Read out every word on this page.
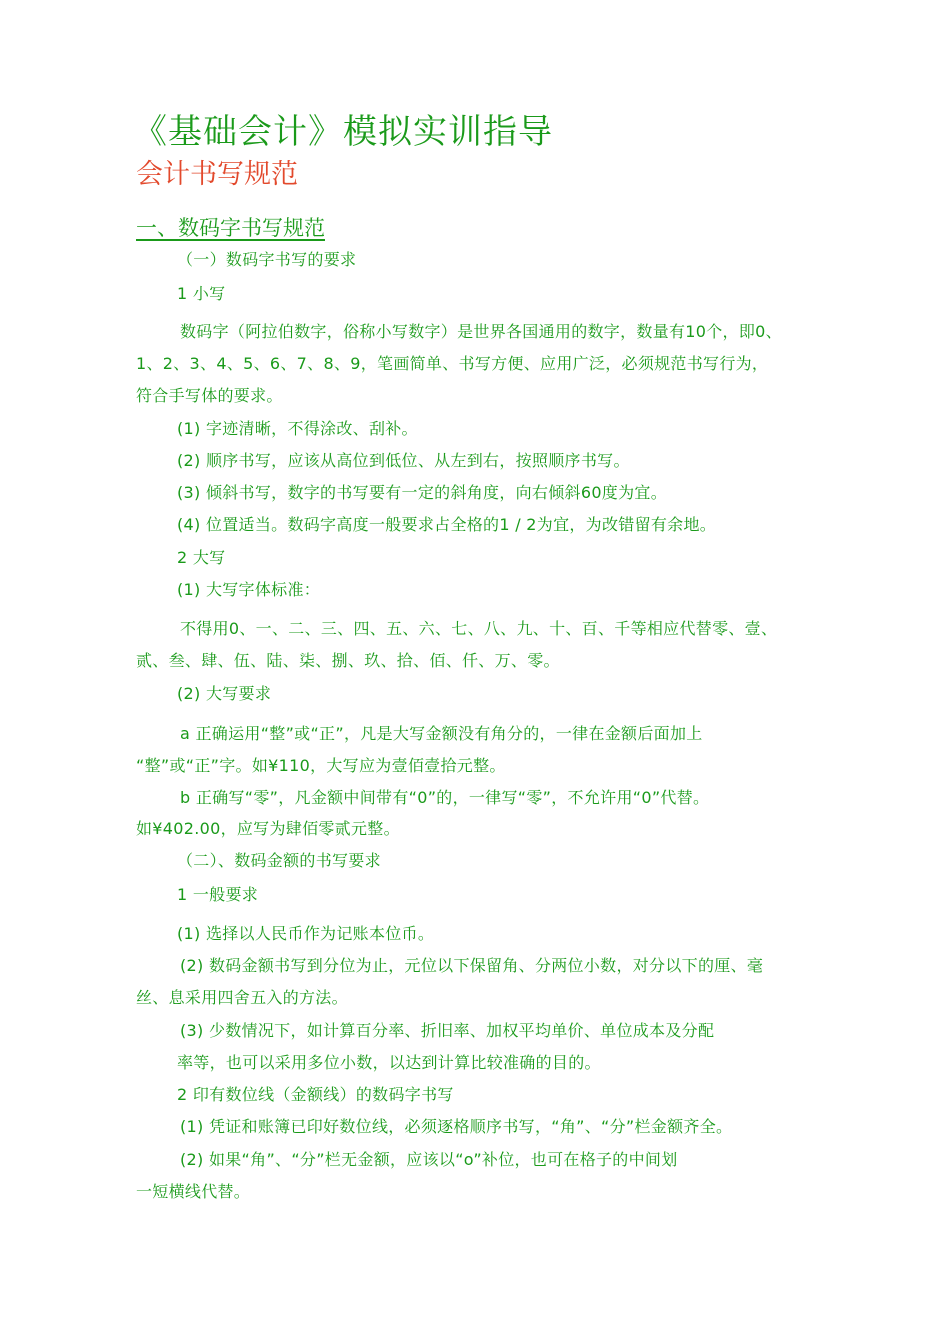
《基础会计》模拟实训指导
会计书写规范
一、数码字书写规范
（一）数码字书写的要求
1 小写
数码字（阿拉伯数字，俗称小写数字）是世界各国通用的数字，数量有10个，即0、
1、2、3、4、5、6、7、8、9，笔画简单、书写方便、应用广泛，必须规范书写行为，
符合手写体的要求。
(1) 字迹清晰，不得涂改、刮补。
(2) 顺序书写，应该从高位到低位、从左到右，按照顺序书写。
(3) 倾斜书写，数字的书写要有一定的斜角度，向右倾斜60度为宜。
(4) 位置适当。数码字高度一般要求占全格的1 / 2为宜，为改错留有余地。
2 大写
(1) 大写字体标准：
不得用0、一、二、三、四、五、六、七、八、九、十、百、千等相应代替零、壹、
贰、叁、肆、伍、陆、柒、捌、玖、拾、佰、仟、万、零。
(2) 大写要求
a 正确运用“整”或“正”，凡是大写金额没有角分的，一律在金额后面加上
“整”或“正”字。如¥110，大写应为壹佰壹拾元整。
b 正确写“零”，凡金额中间带有“0”的，一律写“零”，不允许用“0”代替。
如¥402.00，应写为肆佰零贰元整。
（二）、数码金额的书写要求
1 一般要求
(1) 选择以人民币作为记账本位币。
(2) 数码金额书写到分位为止，元位以下保留角、分两位小数，对分以下的厘、毫
丝、息采用四舍五入的方法。
(3) 少数情况下，如计算百分率、折旧率、加权平均单价、单位成本及分配
率等，也可以采用多位小数，以达到计算比较准确的目的。
2 印有数位线（金额线）的数码字书写
(1) 凭证和账簿已印好数位线，必须逐格顺序书写，“角”、“分”栏金额齐全。
(2) 如果“角”、“分”栏无金额，应该以“o”补位，也可在格子的中间划
一短横线代替。
